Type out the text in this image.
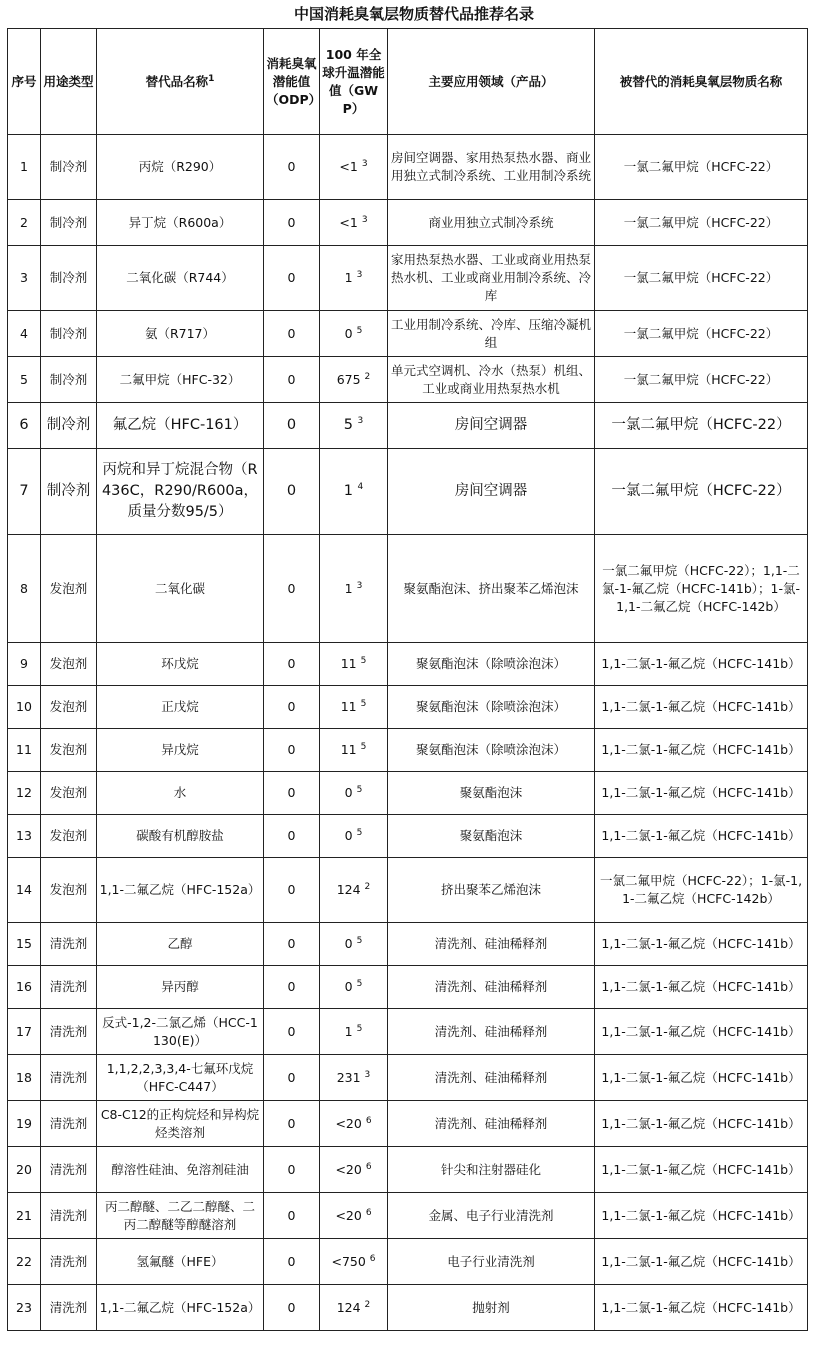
中国消耗臭氧层物质替代品推荐名录
序号	用途类型	替代品名称$^1$	消耗臭氧潜能值（ODP）	100 年全球升温潜能值（GWP）	主要应用领域（产品）	被替代的消耗臭氧层物质名称
1	制冷剂	丙烷（R290）	0	<1 $^3$	房间空调器、家用热泵热水器、商业用独立式制冷系统、工业用制冷系统	一氯二氟甲烷（HCFC-22）
2	制冷剂	异丁烷（R600a）	0	<1 $^3$	商业用独立式制冷系统	一氯二氟甲烷（HCFC-22）
3	制冷剂	二氧化碳（R744）	0	1 $^3$	家用热泵热水器、工业或商业用热泵热水机、工业或商业用制冷系统、冷库	一氯二氟甲烷（HCFC-22）
4	制冷剂	氨（R717）	0	0 $^5$	工业用制冷系统、冷库、压缩冷凝机组	一氯二氟甲烷（HCFC-22）
5	制冷剂	二氟甲烷（HFC-32）	0	675 $^2$	单元式空调机、冷水（热泵）机组、工业或商业用热泵热水机	一氯二氟甲烷（HCFC-22）
6	制冷剂	氟乙烷（HFC-161）	0	5 $^3$	房间空调器	一氯二氟甲烷（HCFC-22）
7	制冷剂	丙烷和异丁烷混合物（R436C，R290/R600a，质量分数95/5）	0	1 $^4$	房间空调器	一氯二氟甲烷（HCFC-22）
8	发泡剂	二氧化碳	0	1 $^3$	聚氨酯泡沫、挤出聚苯乙烯泡沫	一氯二氟甲烷（HCFC-22）；1,1-二氯-1-氟乙烷（HCFC-141b）；1-氯-1,1-二氟乙烷（HCFC-142b）
9	发泡剂	环戊烷	0	11 $^5$	聚氨酯泡沫（除喷涂泡沫）	1,1-二氯-1-氟乙烷（HCFC-141b）
10	发泡剂	正戊烷	0	11 $^5$	聚氨酯泡沫（除喷涂泡沫）	1,1-二氯-1-氟乙烷（HCFC-141b）
11	发泡剂	异戊烷	0	11 $^5$	聚氨酯泡沫（除喷涂泡沫）	1,1-二氯-1-氟乙烷（HCFC-141b）
12	发泡剂	水	0	0 $^5$	聚氨酯泡沫	1,1-二氯-1-氟乙烷（HCFC-141b）
13	发泡剂	碳酸有机醇胺盐	0	0 $^5$	聚氨酯泡沫	1,1-二氯-1-氟乙烷（HCFC-141b）
14	发泡剂	1,1-二氟乙烷（HFC-152a）	0	124 $^2$	挤出聚苯乙烯泡沫	一氯二氟甲烷（HCFC-22）；1-氯-1,1-二氟乙烷（HCFC-142b）
15	清洗剂	乙醇	0	0 $^5$	清洗剂、硅油稀释剂	1,1-二氯-1-氟乙烷（HCFC-141b）
16	清洗剂	异丙醇	0	0 $^5$	清洗剂、硅油稀释剂	1,1-二氯-1-氟乙烷（HCFC-141b）
17	清洗剂	反式-1,2-二氯乙烯（HCC-1130(E)）	0	1 $^5$	清洗剂、硅油稀释剂	1,1-二氯-1-氟乙烷（HCFC-141b）
18	清洗剂	1,1,2,2,3,3,4-七氟环戊烷（HFC-C447）	0	231 $^3$	清洗剂、硅油稀释剂	1,1-二氯-1-氟乙烷（HCFC-141b）
19	清洗剂	C8-C12的正构烷烃和异构烷烃类溶剂	0	<20 $^6$	清洗剂、硅油稀释剂	1,1-二氯-1-氟乙烷（HCFC-141b）
20	清洗剂	醇溶性硅油、免溶剂硅油	0	<20 $^6$	针尖和注射器硅化	1,1-二氯-1-氟乙烷（HCFC-141b）
21	清洗剂	丙二醇醚、二乙二醇醚、二丙二醇醚等醇醚溶剂	0	<20 $^6$	金属、电子行业清洗剂	1,1-二氯-1-氟乙烷（HCFC-141b）
22	清洗剂	氢氟醚（HFE）	0	<750 $^6$	电子行业清洗剂	1,1-二氯-1-氟乙烷（HCFC-141b）
23	清洗剂	1,1-二氟乙烷（HFC-152a）	0	124 $^2$	抛射剂	1,1-二氯-1-氟乙烷（HCFC-141b）
